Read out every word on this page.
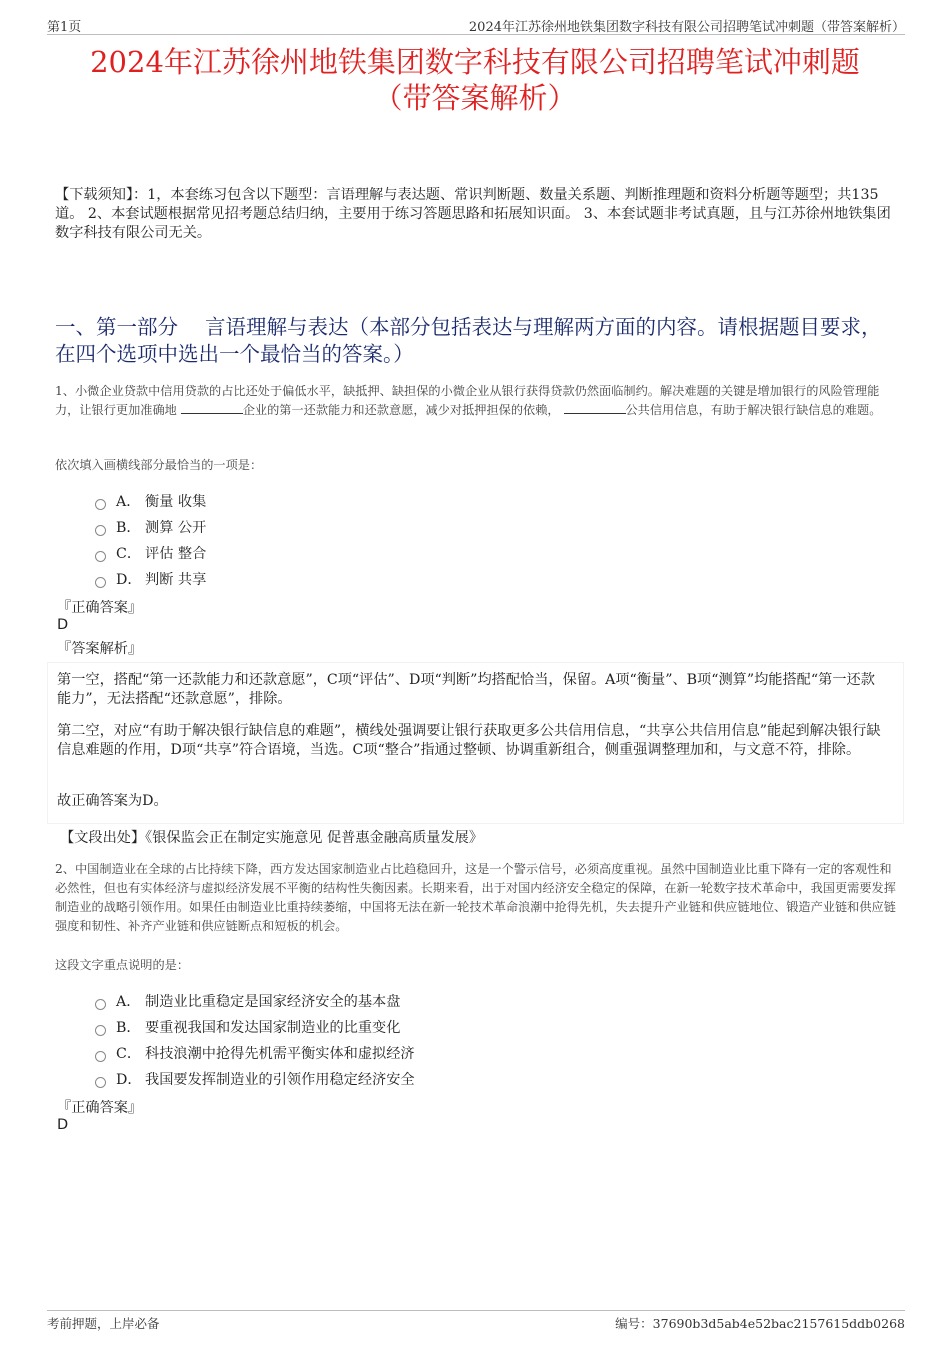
第1页	2024年江苏徐州地铁集团数字科技有限公司招聘笔试冲刺题（带答案解析）
2024年江苏徐州地铁集团数字科技有限公司招聘笔试冲刺题
（带答案解析）
【下载须知】：1，本套练习包含以下题型：言语理解与表达题、常识判断题、数量关系题、判断推理题和资料分析题等题型；共135道。 2、本套试题根据常见招考题总结归纳，主要用于练习答题思路和拓展知识面。 3、本套试题非考试真题，且与江苏徐州地铁集团数字科技有限公司无关。
一、第一部分　 言语理解与表达（本部分包括表达与理解两方面的内容。请根据题目要求，在四个选项中选出一个最恰当的答案。）
1、小微企业贷款中信用贷款的占比还处于偏低水平，缺抵押、缺担保的小微企业从银行获得贷款仍然面临制约。解决难题的关键是增加银行的风险管理能力，让银行更加准确地	企业的第一还款能力和还款意愿，减少对抵押担保的依赖，	公共信用信息，有助于解决银行缺信息的难题。
依次填入画横线部分最恰当的一项是：
A． 衡量 收集
B． 测算 公开
C． 评估 整合
D． 判断 共享
『正确答案』
D
『答案解析』
第一空，搭配“第一还款能力和还款意愿”，C项“评估”、D项“判断”均搭配恰当，保留。A项“衡量”、B项“测算”均能搭配“第一还款能力”，无法搭配“还款意愿”，排除。
第二空，对应“有助于解决银行缺信息的难题”，横线处强调要让银行获取更多公共信用信息，“共享公共信用信息”能起到解决银行缺信息难题的作用，D项“共享”符合语境，当选。C项“整合”指通过整顿、协调重新组合，侧重强调整理加和，与文意不符，排除。
故正确答案为D。
【文段出处】《银保监会正在制定实施意见 促普惠金融高质量发展》
2、中国制造业在全球的占比持续下降，西方发达国家制造业占比趋稳回升，这是一个警示信号，必须高度重视。虽然中国制造业比重下降有一定的客观性和必然性，但也有实体经济与虚拟经济发展不平衡的结构性失衡因素。长期来看，出于对国内经济安全稳定的保障，在新一轮数字技术革命中，我国更需要发挥制造业的战略引领作用。如果任由制造业比重持续萎缩，中国将无法在新一轮技术革命浪潮中抢得先机，失去提升产业链和供应链地位、锻造产业链和供应链强度和韧性、补齐产业链和供应链断点和短板的机会。
这段文字重点说明的是：
A． 制造业比重稳定是国家经济安全的基本盘
B． 要重视我国和发达国家制造业的比重变化
C． 科技浪潮中抢得先机需平衡实体和虚拟经济
D． 我国要发挥制造业的引领作用稳定经济安全
『正确答案』
D
考前押题，上岸必备	编号：37690b3d5ab4e52bac2157615ddb0268
